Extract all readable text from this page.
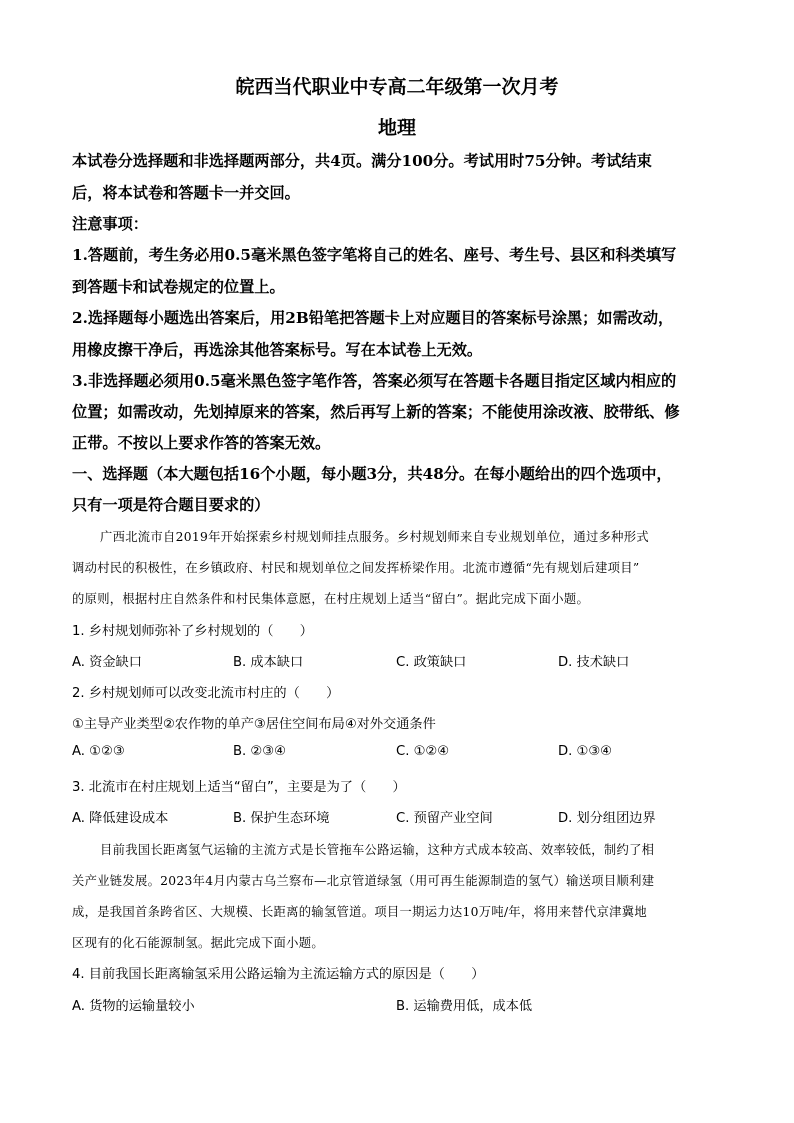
皖西当代职业中专高二年级第一次月考
地理
本试卷分选择题和非选择题两部分，共4页。满分100分。考试用时75分钟。考试结束
后，将本试卷和答题卡一并交回。
注意事项：
1.答题前，考生务必用0.5毫米黑色签字笔将自己的姓名、座号、考生号、县区和科类填写
到答题卡和试卷规定的位置上。
2.选择题每小题选出答案后，用2B铅笔把答题卡上对应题目的答案标号涂黑；如需改动，
用橡皮擦干净后，再选涂其他答案标号。写在本试卷上无效。
3.非选择题必须用0.5毫米黑色签字笔作答，答案必须写在答题卡各题目指定区域内相应的
位置；如需改动，先划掉原来的答案，然后再写上新的答案；不能使用涂改液、胶带纸、修
正带。不按以上要求作答的答案无效。
一、选择题（本大题包括16个小题，每小题3分，共48分。在每小题给出的四个选项中，
只有一项是符合题目要求的）
广西北流市自2019年开始探索乡村规划师挂点服务。乡村规划师来自专业规划单位，通过多种形式
调动村民的积极性，在乡镇政府、村民和规划单位之间发挥桥梁作用。北流市遵循“先有规划后建项目”
的原则，根据村庄自然条件和村民集体意愿，在村庄规划上适当“留白”。据此完成下面小题。
1. 乡村规划师弥补了乡村规划的（　　）
A. 资金缺口	B. 成本缺口	C. 政策缺口	D. 技术缺口
2. 乡村规划师可以改变北流市村庄的（　　）
①主导产业类型②农作物的单产③居住空间布局④对外交通条件
A. ①②③	B. ②③④	C. ①②④	D. ①③④
3. 北流市在村庄规划上适当“留白”，主要是为了（　　）
A. 降低建设成本	B. 保护生态环境	C. 预留产业空间	D. 划分组团边界
目前我国长距离氢气运输的主流方式是长管拖车公路运输，这种方式成本较高、效率较低，制约了相
关产业链发展。2023年4月内蒙古乌兰察布—北京管道绿氢（用可再生能源制造的氢气）输送项目顺利建
成，是我国首条跨省区、大规模、长距离的输氢管道。项目一期运力达10万吨/年，将用来替代京津冀地
区现有的化石能源制氢。据此完成下面小题。
4. 目前我国长距离输氢采用公路运输为主流运输方式的原因是（　　）
A. 货物的运输量较小	B. 运输费用低，成本低
